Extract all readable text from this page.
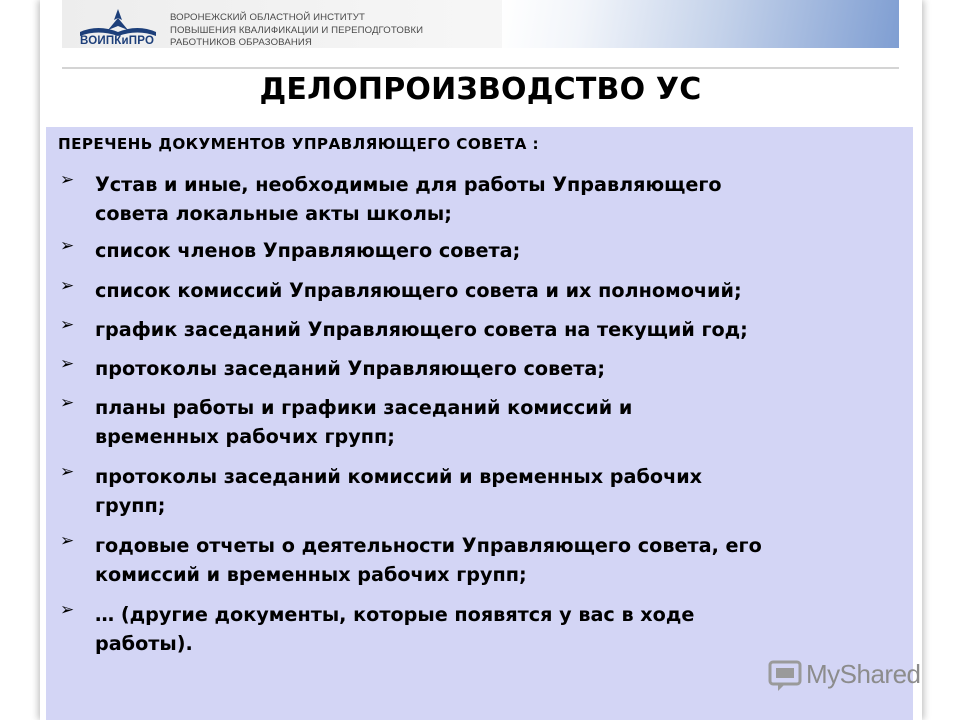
ВОИПКиПРО
ВОРОНЕЖСКИЙ ОБЛАСТНОЙ ИНСТИТУТ
ПОВЫШЕНИЯ КВАЛИФИКАЦИИ И ПЕРЕПОДГОТОВКИ
РАБОТНИКОВ ОБРАЗОВАНИЯ
ДЕЛОПРОИЗВОДСТВО УС
ПЕРЕЧЕНЬ ДОКУМЕНТОВ УПРАВЛЯЮЩЕГО СОВЕТА :
➢ Устав и иные, необходимые для работы Управляющего
совета локальные акты школы;
➢ список членов Управляющего совета;
➢ список комиссий Управляющего совета и их полномочий;
➢ график заседаний Управляющего совета на текущий год;
➢ протоколы заседаний Управляющего совета;
➢ планы работы и графики заседаний комиссий и
временных рабочих групп;
➢ протоколы заседаний комиссий и временных рабочих
групп;
➢ годовые отчеты о деятельности Управляющего совета, его
комиссий и временных рабочих групп;
➢ … (другие документы, которые появятся у вас в ходе
работы).
MyShared
